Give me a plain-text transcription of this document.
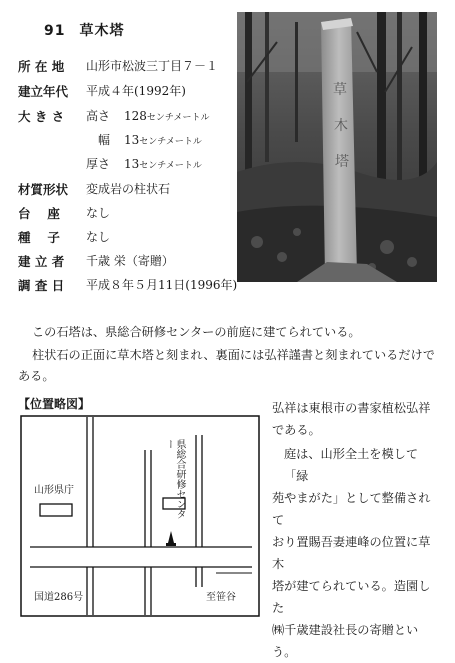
91 草木塔
所 在 地	山形市松波三丁目７－１
建立年代	平成４年(1992年)
大 き さ	高さ 128センチメートル
幅 13センチメートル
厚さ 13センチメートル
材質形状	変成岩の柱状石
台　 座	なし
種　 子	なし
建 立 者	千歳 栄（寄贈）
調 査 日	平成８年５月11日(1996年)
草
木
塔
この石塔は、県総合研修センターの前庭に建てられている。
柱状石の正面に草木塔と刻まれ、裏面には弘祥謹書と刻まれているだけで
ある。
【位置略図】
山形県庁	県総合研修センター
国道286号	至笹谷
弘祥は東根市の書家植松弘祥
である。
庭は、山形全土を模して「緑
苑やまがた」として整備されて
おり置賜吾妻連峰の位置に草木
塔が建てられている。造園した
㈱千歳建設社長の寄贈という。
